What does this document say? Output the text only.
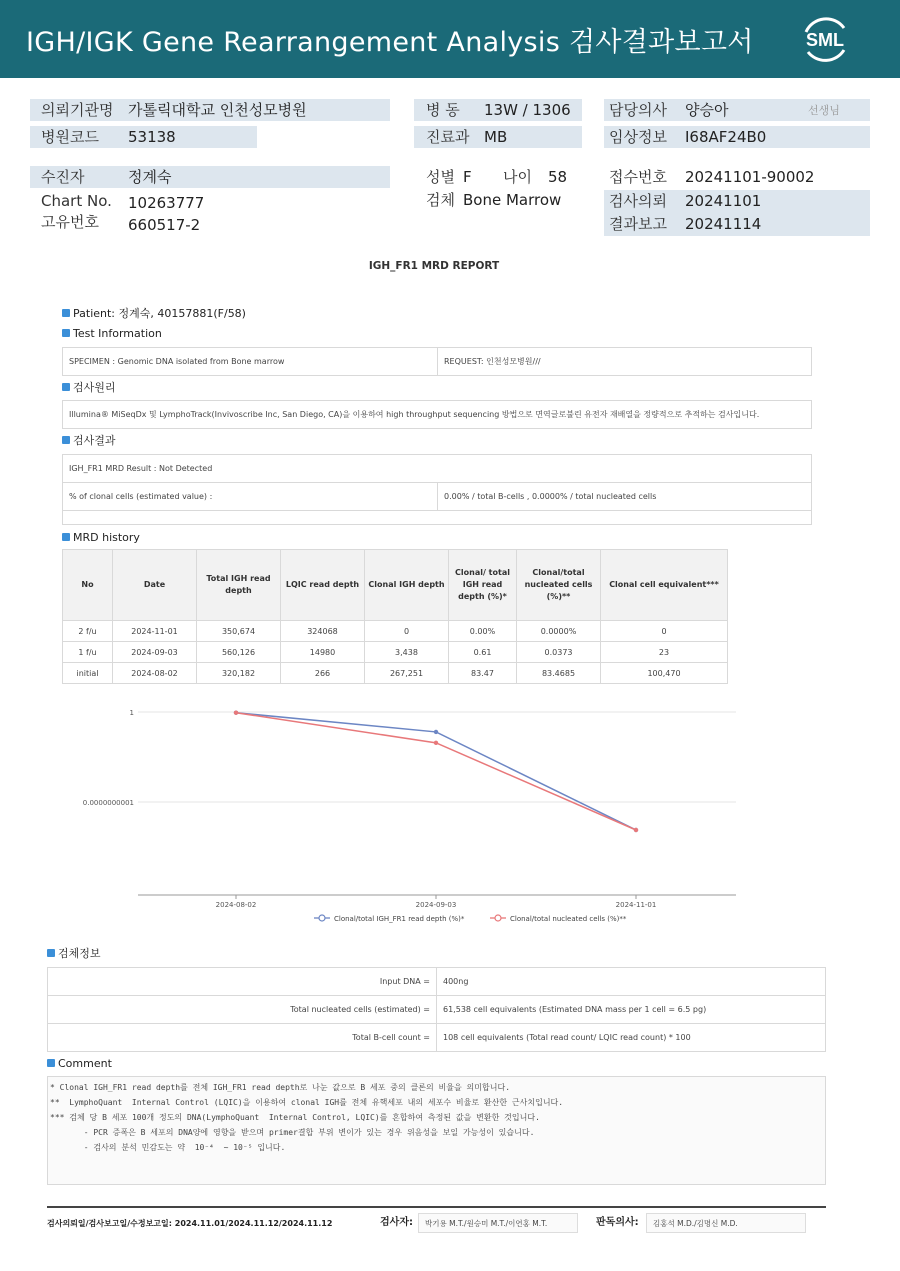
IGH/IGK Gene Rearrangement Analysis 검사결과보고서	SML
의뢰기관명 가톨릭대학교 인천성모병원
병원코드 53138
병 동 13W / 1306
진료과 MB
담당의사 양승아	선생님
임상정보 I68AF24B0
수진자	정계숙
Chart No. 10263777
고유번호 660517-2
성별 F 나이 58
검체 Bone Marrow
접수번호 20241101-90002
검사의뢰 20241101
결과보고 20241114
IGH_FR1 MRD REPORT
Patient: 정계숙, 40157881(F/58)
Test Information
SPECIMEN : Genomic DNA isolated from Bone marrow	REQUEST: 인천성모병원///
검사원리
Illumina® MiSeqDx 및 LymphoTrack(Invivoscribe Inc, San Diego, CA)을 이용하여 high throughput sequencing 방법으로 면역글로불린 유전자 재배열을 정량적으로 추적하는 검사입니다.
검사결과
IGH_FR1 MRD Result : Not Detected
% of clonal cells (estimated value) :	0.00% / total B-cells , 0.0000% / total nucleated cells

MRD history
No	Date	Total IGH read depth	LQIC read depth	Clonal IGH depth	Clonal/ total IGH read depth (%)*	Clonal/total nucleated cells (%)**	Clonal cell equivalent***
2 f/u	2024-11-01	350,674	324068	0	0.00%	0.0000%	0
1 f/u	2024-09-03	560,126	14980	3,438	0.61	0.0373	23
initial	2024-08-02	320,182	266	267,251	83.47	83.4685	100,470
1
0.0000000001
2024-08-02	2024-09-03	2024-11-01
Clonal/total IGH_FR1 read depth (%)*	Clonal/total nucleated cells (%)**
검체정보
Input DNA =	400ng
Total nucleated cells (estimated) =	61,538 cell equivalents (Estimated DNA mass per 1 cell = 6.5 pg)
Total B-cell count =	108 cell equivalents (Total read count/ LQIC read count) * 100
Comment
* Clonal IGH_FR1 read depth를 전체 IGH_FR1 read depth로 나눈 값으로 B 세포 중의 클론의 비율을 의미합니다.
**  LymphoQuant  Internal Control (LQIC)을 이용하여 clonal IGH를 전체 유핵세포 내의 세포수 비율로 환산한 근사치입니다.
*** 검체 당 B 세포 100개 정도의 DNA(LymphoQuant  Internal Control, LQIC)를 혼합하여 측정된 값을 변환한 것입니다.
- PCR 증폭은 B 세포의 DNA양에 영향을 받으며 primer결합 부위 변이가 있는 경우 위음성을 보일 가능성이 있습니다.
- 검사의 분석 민감도는 약  10⁻⁴  ~ 10⁻⁵ 입니다.
검사의뢰일/검사보고일/수정보고일: 2024.11.01/2024.11.12/2024.11.12	검사자:	박기용 M.T./원승미 M.T./이연홍 M.T.	판독의사:	김홍석 M.D./김명신 M.D.
